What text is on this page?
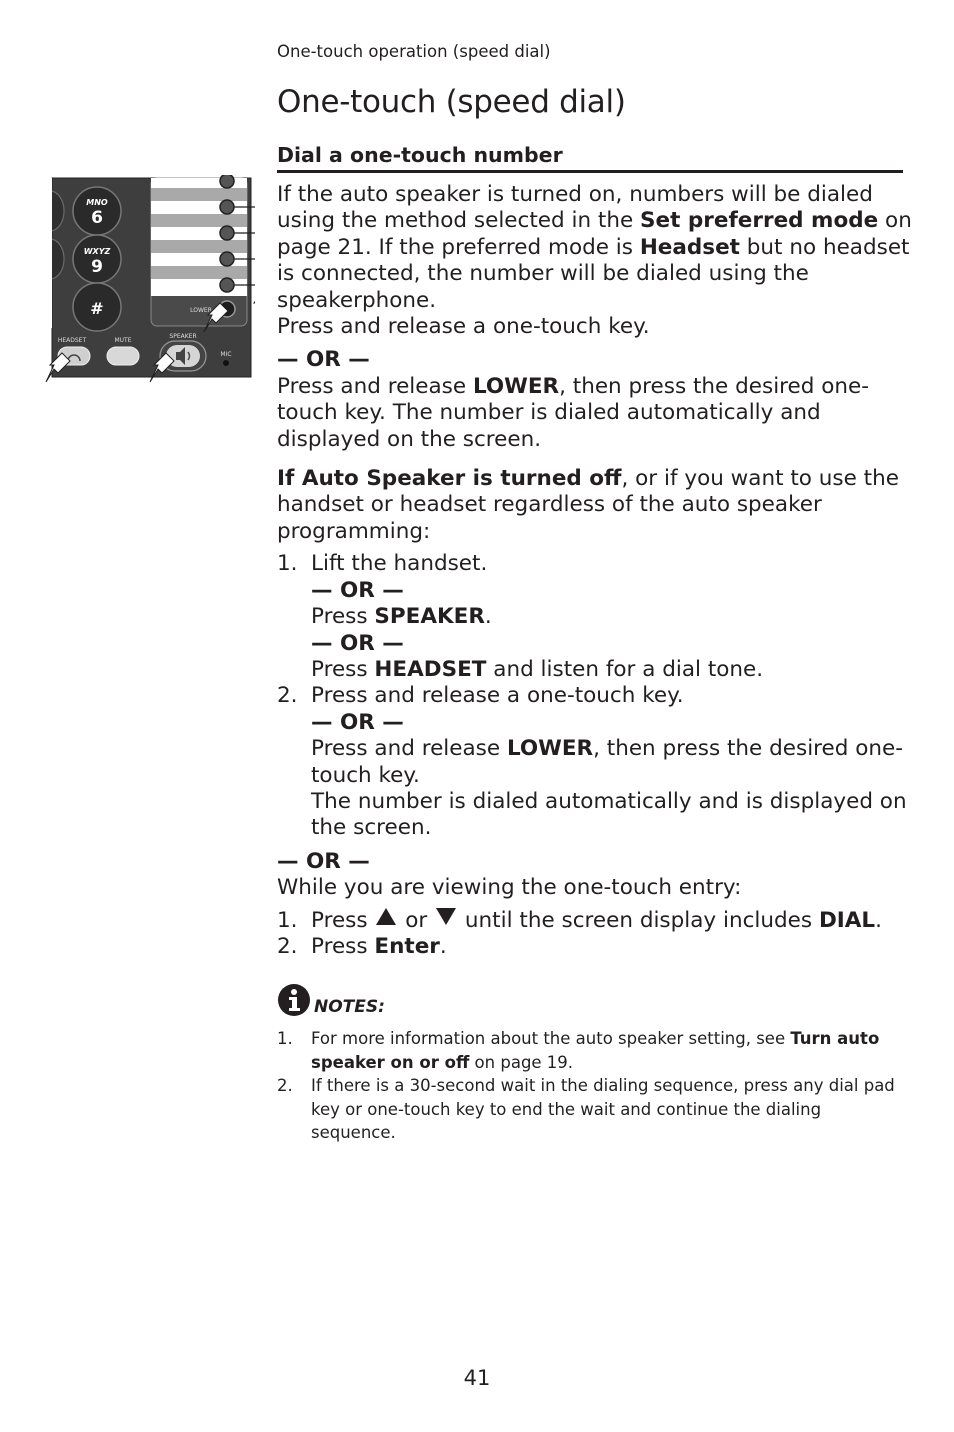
One-touch operation (speed dial)
One-touch (speed dial)
Dial a one-touch number
MNO
6
WXYZ
9
#	LOWER
HEADSET	MUTE
SPEAKER
MIC

If the auto speaker is turned on, numbers will be dialed using the method selected in the Set preferred mode on page 21. If the preferred mode is Headset but no headset is connected, the number will be dialed using the speakerphone.

Press and release a one-touch key.

— OR —

Press and release LOWER, then press the desired one-touch key. The number is dialed automatically and displayed on the screen.

If Auto Speaker is turned off, or if you want to use the handset or headset regardless of the auto speaker programming:

1. Lift the handset.
— OR —
Press SPEAKER.
— OR —
Press HEADSET and listen for a dial tone.
2. Press and release a one-touch key.
— OR —
Press and release LOWER, then press the desired one-touch key.
The number is dialed automatically and is displayed on the screen.

— OR —

While you are viewing the one-touch entry:

1. Press  or  until the screen display includes DIAL.
2. Press Enter.
NOTES:
1. For more information about the auto speaker setting, see Turn auto speaker on or off on page 19.
2. If there is a 30-second wait in the dialing sequence, press any dial pad key or one-touch key to end the wait and continue the dialing sequence.
41
